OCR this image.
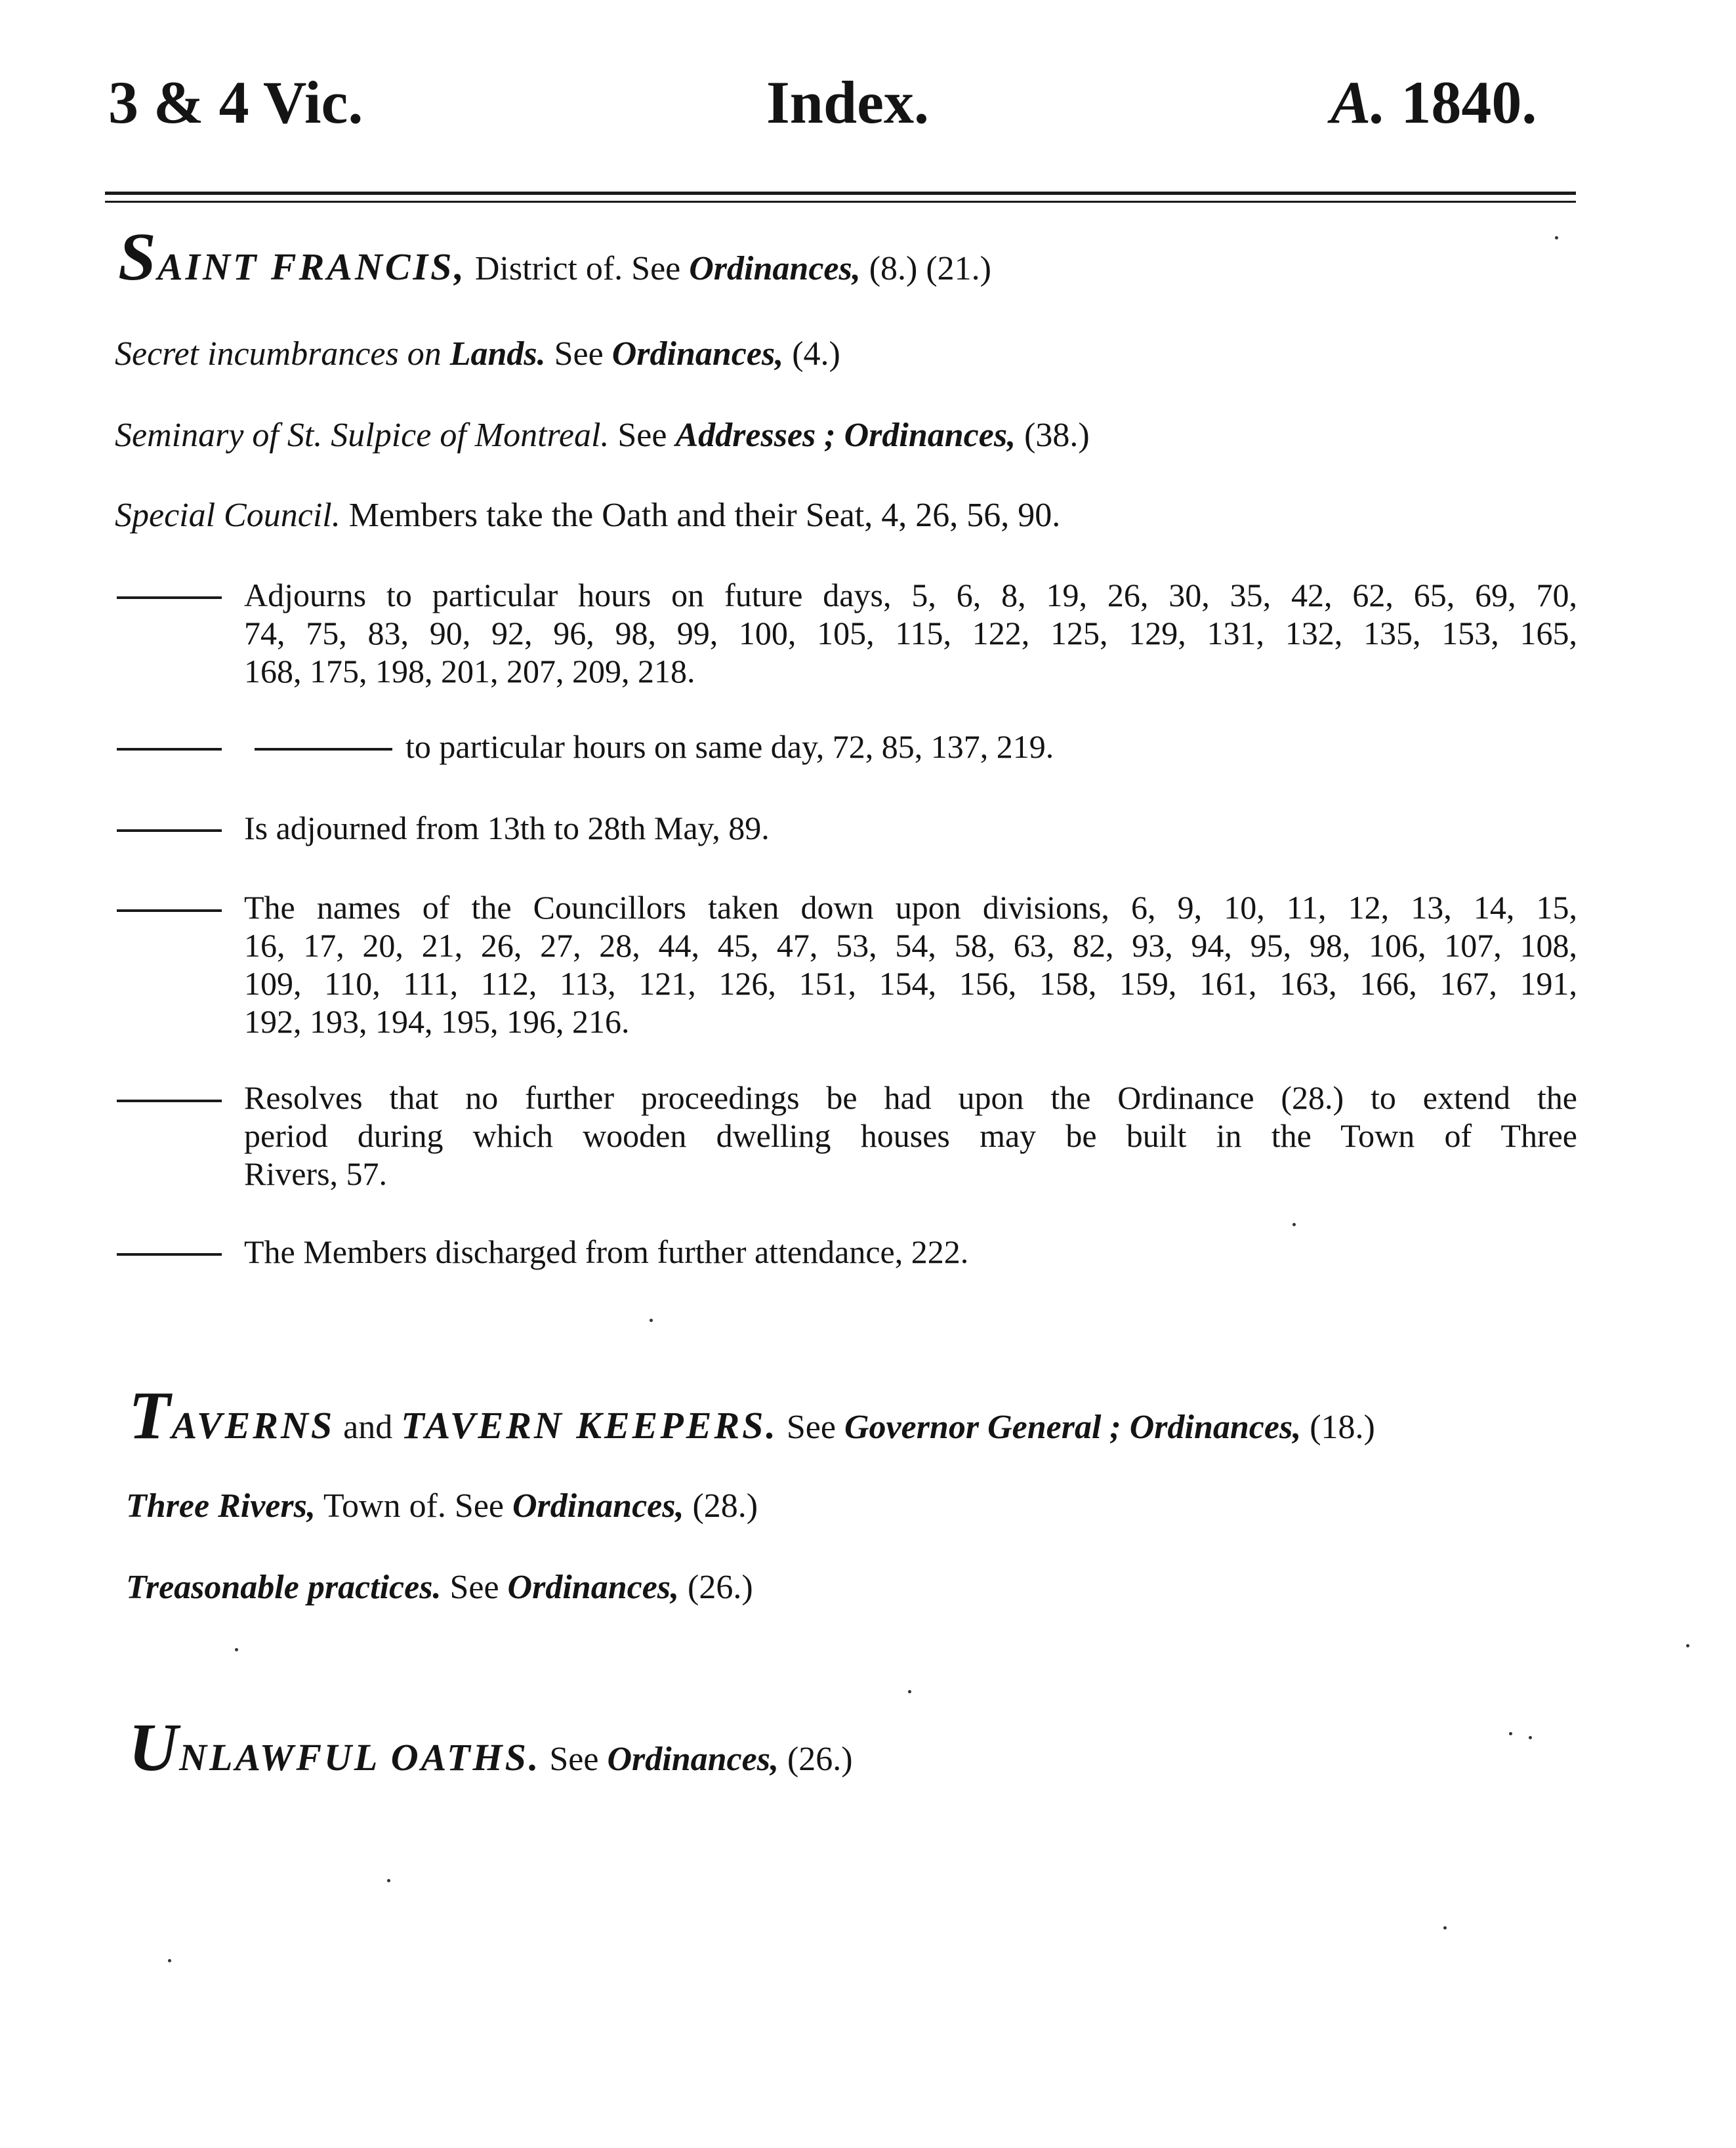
3 & 4 Vic.	Index.	A. 1840.
SAINT FRANCIS, District of. See Ordinances, (8.) (21.)
Secret incumbrances on Lands. See Ordinances, (4.)
Seminary of St. Sulpice of Montreal. See Addresses ; Ordinances, (38.)
Special Council. Members take the Oath and their Seat, 4, 26, 56, 90.
Adjourns to particular hours on future days, 5, 6, 8, 19, 26, 30, 35, 42, 62, 65, 69, 70,
74, 75, 83, 90, 92, 96, 98, 99, 100, 105, 115, 122, 125, 129, 131, 132, 135, 153, 165,
168, 175, 198, 201, 207, 209, 218.
to particular hours on same day, 72, 85, 137, 219.
Is adjourned from 13th to 28th May, 89.
The names of the Councillors taken down upon divisions, 6, 9, 10, 11, 12, 13, 14, 15,
16, 17, 20, 21, 26, 27, 28, 44, 45, 47, 53, 54, 58, 63, 82, 93, 94, 95, 98, 106, 107, 108,
109, 110, 111, 112, 113, 121, 126, 151, 154, 156, 158, 159, 161, 163, 166, 167, 191,
192, 193, 194, 195, 196, 216.
Resolves that no further proceedings be had upon the Ordinance (28.) to extend the
period during which wooden dwelling houses may be built in the Town of Three
Rivers, 57.
The Members discharged from further attendance, 222.
TAVERNS and TAVERN KEEPERS. See Governor General ; Ordinances, (18.)
Three Rivers, Town of. See Ordinances, (28.)
Treasonable practices. See Ordinances, (26.)
UNLAWFUL OATHS. See Ordinances, (26.)
